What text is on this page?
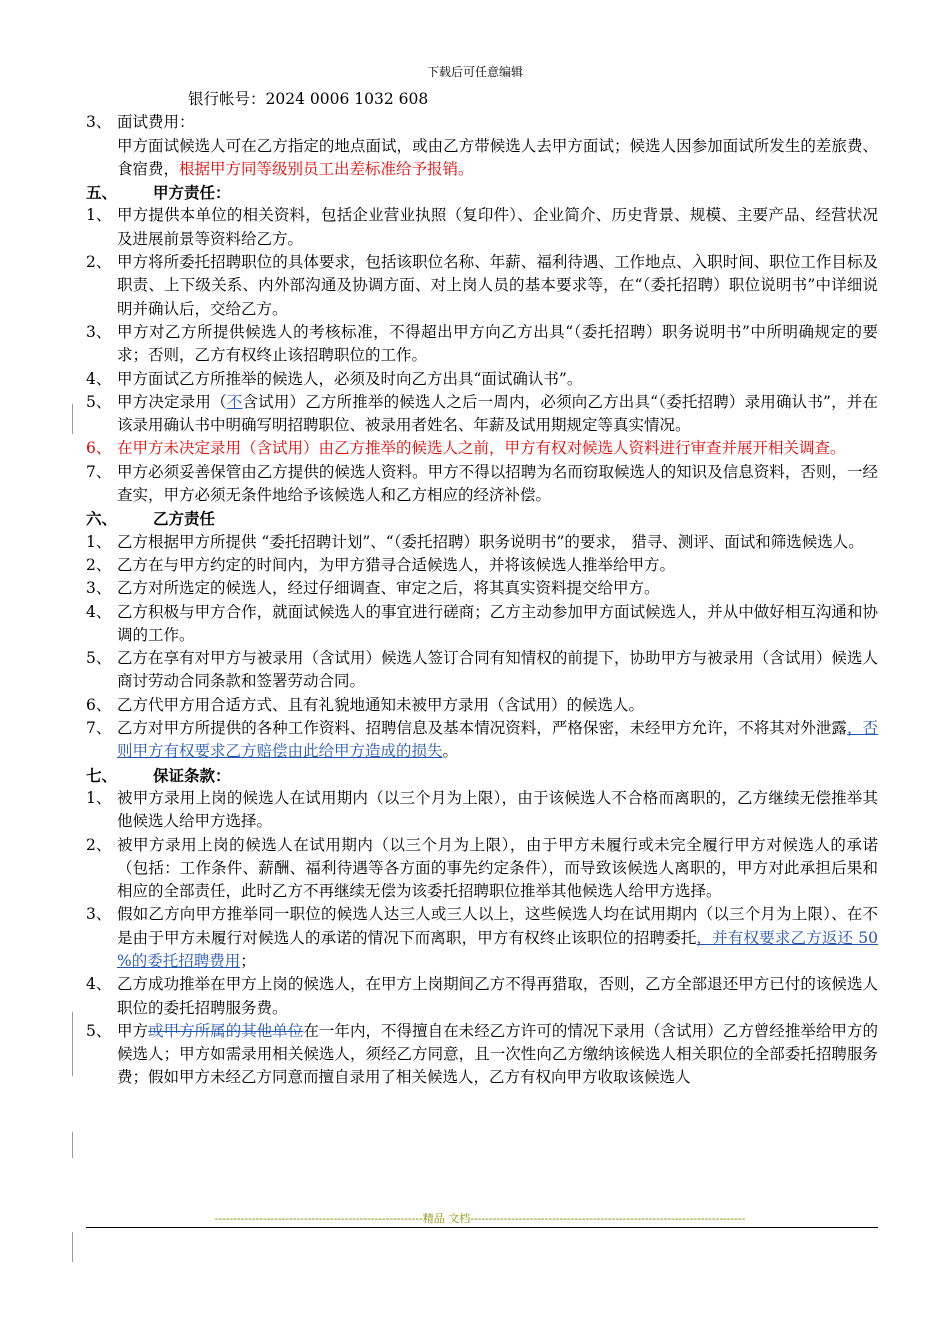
下载后可任意编辑
银行帐号：2024 0006 1032 608
3、 面试费用：
甲方面试候选人可在乙方指定的地点面试，或由乙方带候选人去甲方面试；候选人因参加面试所发生的差旅费、食宿费，根据甲方同等级别员工出差标准给予报销。
五、	甲方责任：
1、 甲方提供本单位的相关资料，包括企业营业执照（复印件）、企业简介、历史背景、规模、主要产品、经营状况及进展前景等资料给乙方。
2、 甲方将所委托招聘职位的具体要求，包括该职位名称、年薪、福利待遇、工作地点、入职时间、职位工作目标及职责、上下级关系、内外部沟通及协调方面、对上岗人员的基本要求等，在“（委托招聘）职位说明书”中详细说明并确认后，交给乙方。
3、 甲方对乙方所提供候选人的考核标准，不得超出甲方向乙方出具“（委托招聘）职务说明书”中所明确规定的要求；否则，乙方有权终止该招聘职位的工作。
4、 甲方面试乙方所推举的候选人，必须及时向乙方出具“面试确认书”。
5、 甲方决定录用（不含试用）乙方所推举的候选人之后一周内，必须向乙方出具“（委托招聘）录用确认书”，并在该录用确认书中明确写明招聘职位、被录用者姓名、年薪及试用期规定等真实情况。
6、 在甲方未决定录用（含试用）由乙方推举的候选人之前，甲方有权对候选人资料进行审查并展开相关调查。
7、 甲方必须妥善保管由乙方提供的候选人资料。甲方不得以招聘为名而窃取候选人的知识及信息资料，否则，一经查实，甲方必须无条件地给予该候选人和乙方相应的经济补偿。
六、	乙方责任
1、 乙方根据甲方所提供 “委托招聘计划”、“（委托招聘）职务说明书”的要求， 猎寻、测评、面试和筛选候选人。
2、 乙方在与甲方约定的时间内，为甲方猎寻合适候选人，并将该候选人推举给甲方。
3、 乙方对所选定的候选人，经过仔细调查、审定之后，将其真实资料提交给甲方。
4、 乙方积极与甲方合作，就面试候选人的事宜进行磋商；乙方主动参加甲方面试候选人，并从中做好相互沟通和协调的工作。
5、 乙方在享有对甲方与被录用（含试用）候选人签订合同有知情权的前提下，协助甲方与被录用（含试用）候选人商讨劳动合同条款和签署劳动合同。
6、 乙方代甲方用合适方式、且有礼貌地通知未被甲方录用（含试用）的候选人。
7、 乙方对甲方所提供的各种工作资料、招聘信息及基本情况资料，严格保密，未经甲方允许，不将其对外泄露，否则甲方有权要求乙方赔偿由此给甲方造成的损失。
七、	保证条款：
1、 被甲方录用上岗的候选人在试用期内（以三个月为上限），由于该候选人不合格而离职的，乙方继续无偿推举其他候选人给甲方选择。
2、 被甲方录用上岗的候选人在试用期内（以三个月为上限），由于甲方未履行或未完全履行甲方对候选人的承诺（包括：工作条件、薪酬、福利待遇等各方面的事先约定条件），而导致该候选人离职的，甲方对此承担后果和相应的全部责任，此时乙方不再继续无偿为该委托招聘职位推举其他候选人给甲方选择。
3、 假如乙方向甲方推举同一职位的候选人达三人或三人以上，这些候选人均在试用期内（以三个月为上限）、在不是由于甲方未履行对候选人的承诺的情况下而离职，甲方有权终止该职位的招聘委托，并有权要求乙方返还 50 %的委托招聘费用；
4、 乙方成功推举在甲方上岗的候选人，在甲方上岗期间乙方不得再猎取，否则，乙方全部退还甲方已付的该候选人职位的委托招聘服务费。
5、 甲方或甲方所属的其他单位在一年内，不得擅自在未经乙方许可的情况下录用（含试用）乙方曾经推举给甲方的候选人；甲方如需录用相关候选人，须经乙方同意，且一次性向乙方缴纳该候选人相关职位的全部委托招聘服务费；假如甲方未经乙方同意而擅自录用了相关候选人，乙方有权向甲方收取该候选人
--------------------------------------------------------精品 文档--------------------------------------------------------------------------
